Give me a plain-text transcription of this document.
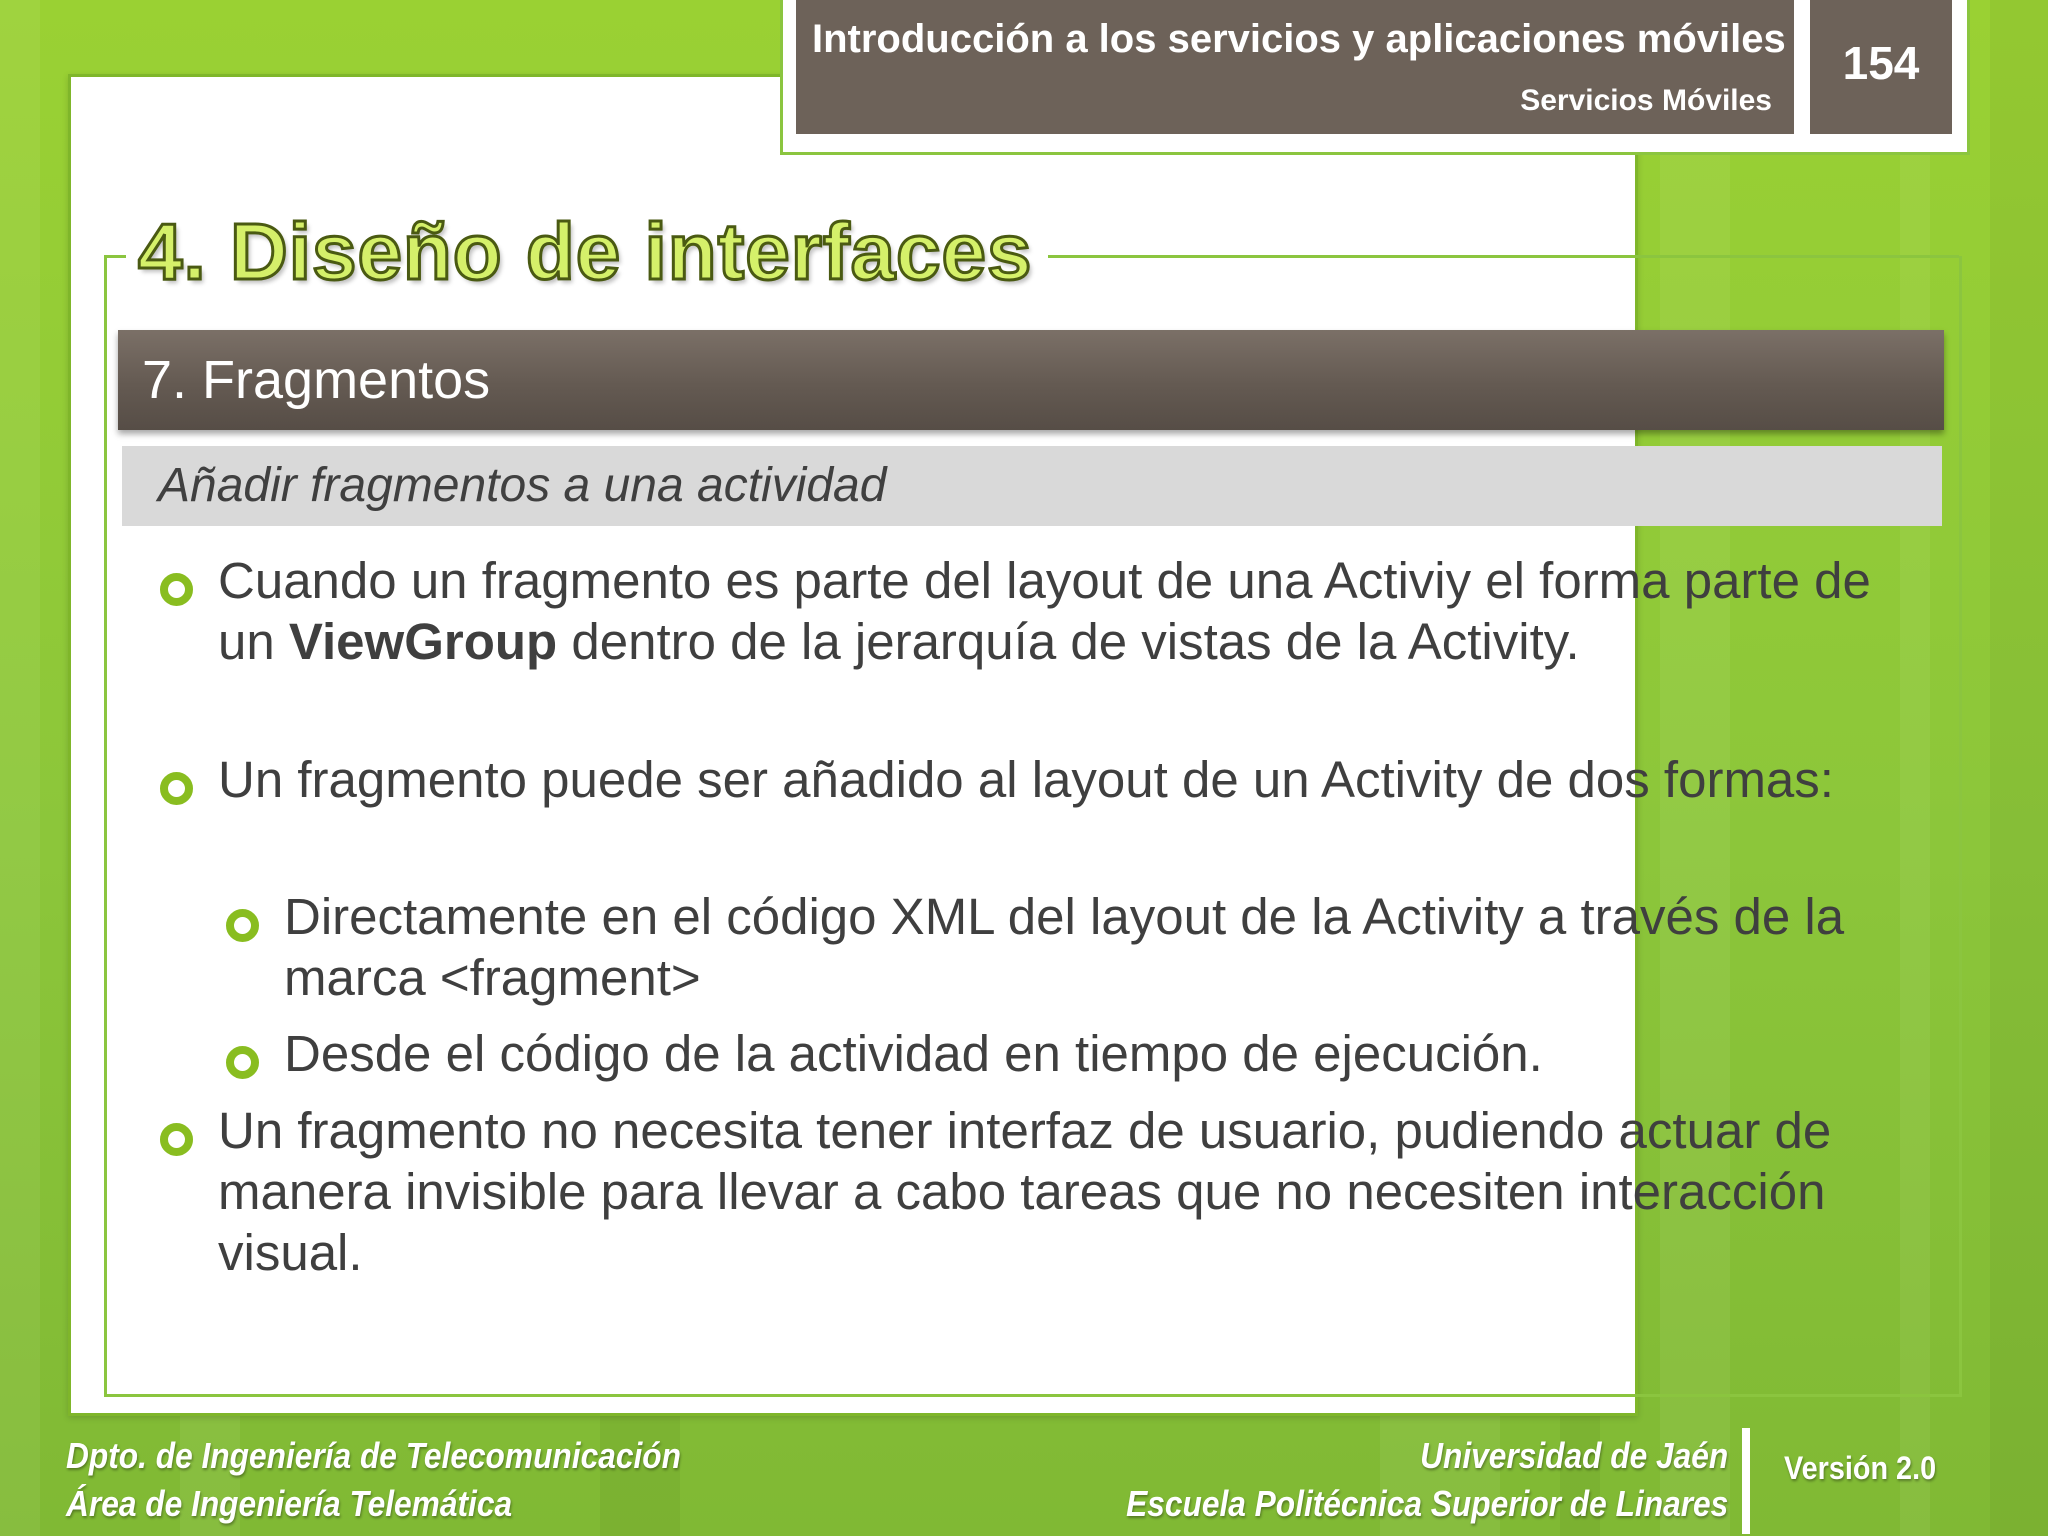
Introducción a los servicios y aplicaciones móviles
Servicios Móviles
154
4. Diseño de interfaces
7. Fragmentos
Añadir fragmentos a una actividad
Cuando un fragmento es parte del layout de una Activiy el forma parte de un ViewGroup dentro de la jerarquía de vistas de la Activity.
Un fragmento puede ser añadido al layout de un Activity de dos formas:
Directamente en el código XML del layout de la Activity a través de la marca <fragment>
Desde el código de la actividad en tiempo de ejecución.
Un fragmento no necesita tener interfaz de usuario, pudiendo actuar de manera invisible para llevar a cabo tareas que no necesiten interacción visual.
Dpto. de Ingeniería de Telecomunicación
Área de Ingeniería Telemática
Universidad de Jaén
Escuela Politécnica Superior de Linares
Versión 2.0
